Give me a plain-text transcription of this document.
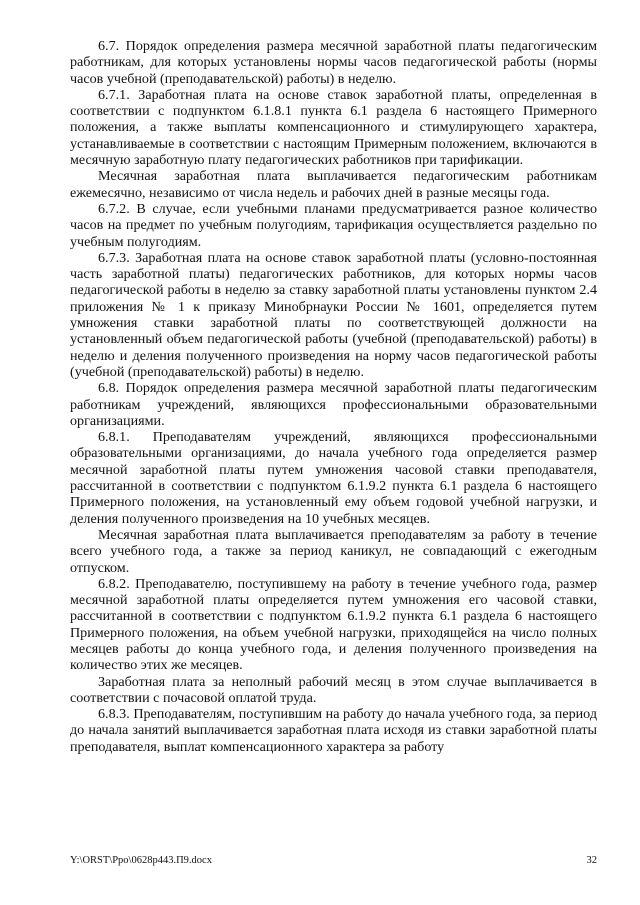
6.7. Порядок определения размера месячной заработной платы педагогическим работникам, для которых установлены нормы часов педагогической работы (нормы часов учебной (преподавательской) работы) в неделю.

6.7.1. Заработная плата на основе ставок заработной платы, определенная в соответствии с подпунктом 6.1.8.1 пункта 6.1 раздела 6 настоящего Примерного положения, а также выплаты компенсационного и стимулирующего характера, устанавливаемые в соответствии с настоящим Примерным положением, включаются в месячную заработную плату педагогических работников при тарификации.

Месячная заработная плата выплачивается педагогическим работникам ежемесячно, независимо от числа недель и рабочих дней в разные месяцы года.

6.7.2. В случае, если учебными планами предусматривается разное количество часов на предмет по учебным полугодиям, тарификация осуществляется раздельно по учебным полугодиям.

6.7.3. Заработная плата на основе ставок заработной платы (условно-постоянная часть заработной платы) педагогических работников, для которых нормы часов педагогической работы в неделю за ставку заработной платы установлены пунктом 2.4 приложения № 1 к приказу Минобрнауки России № 1601, определяется путем умножения ставки заработной платы по соответствующей должности на установленный объем педагогической работы (учебной (преподавательской) работы) в неделю и деления полученного произведения на норму часов педагогической работы (учебной (преподавательской) работы) в неделю.

6.8. Порядок определения размера месячной заработной платы педагогическим работникам учреждений, являющихся профессиональными образовательными организациями.

6.8.1. Преподавателям учреждений, являющихся профессиональными образовательными организациями, до начала учебного года определяется размер месячной заработной платы путем умножения часовой ставки преподавателя, рассчитанной в соответствии с подпунктом 6.1.9.2 пункта 6.1 раздела 6 настоящего Примерного положения, на установленный ему объем годовой учебной нагрузки, и деления полученного произведения на 10 учебных месяцев.

Месячная заработная плата выплачивается преподавателям за работу в течение всего учебного года, а также за период каникул, не совпадающий с ежегодным отпуском.

6.8.2. Преподавателю, поступившему на работу в течение учебного года, размер месячной заработной платы определяется путем умножения его часовой ставки, рассчитанной в соответствии с подпунктом 6.1.9.2 пункта 6.1 раздела 6 настоящего Примерного положения, на объем учебной нагрузки, приходящейся на число полных месяцев работы до конца учебного года, и деления полученного произведения на количество этих же месяцев.

Заработная плата за неполный рабочий месяц в этом случае выплачивается в соответствии с почасовой оплатой труда.

6.8.3. Преподавателям, поступившим на работу до начала учебного года, за период до начала занятий выплачивается заработная плата исходя из ставки заработной платы преподавателя, выплат компенсационного характера за работу

Y:\ORST\Ppo\0628p443.П9.docx	32
